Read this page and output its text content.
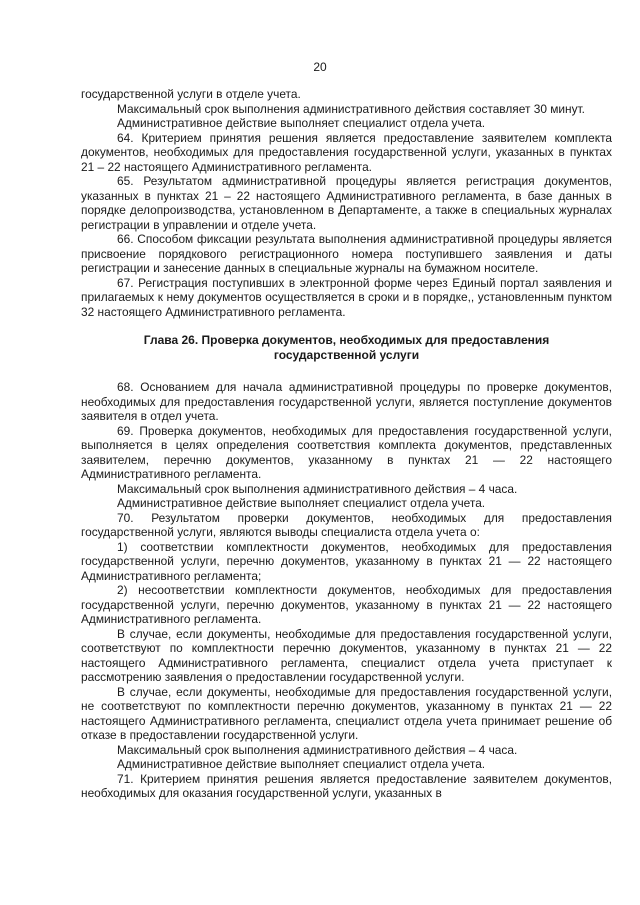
20

государственной услуги в отделе учета.

Максимальный срок выполнения административного действия составляет 30 минут.

Административное действие выполняет специалист отдела учета.

64. Критерием принятия решения является предоставление заявителем комплекта документов, необходимых для предоставления государственной услуги, указанных в пунктах 21 – 22 настоящего Административного регламента.

65. Результатом административной процедуры является регистрация документов, указанных в пунктах 21 – 22 настоящего Административного регламента, в базе данных в порядке делопроизводства, установленном в Департаменте, а также в специальных журналах регистрации в управлении и отделе учета.

66. Способом фиксации результата выполнения административной процедуры является присвоение порядкового регистрационного номера поступившего заявления и даты регистрации и занесение данных в специальные журналы на бумажном носителе.

67. Регистрация поступивших в электронной форме через Единый портал заявления и прилагаемых к нему документов осуществляется в сроки и в порядке,, установленным пунктом 32 настоящего Административного регламента.

Глава 26. Проверка документов, необходимых для предоставления
государственной услуги

68. Основанием для начала административной процедуры по проверке документов, необходимых для предоставления государственной услуги, является поступление документов заявителя в отдел учета.

69. Проверка документов, необходимых для предоставления государственной услуги, выполняется в целях определения соответствия комплекта документов, представленных заявителем, перечню документов, указанному в пунктах 21 — 22 настоящего Административного регламента.

Максимальный срок выполнения административного действия – 4 часа.

Административное действие выполняет специалист отдела учета.

70. Результатом проверки документов, необходимых для предоставления государственной услуги, являются выводы специалиста отдела учета о:

1) соответствии комплектности документов, необходимых для предоставления государственной услуги, перечню документов, указанному в пунктах 21 — 22 настоящего Административного регламента;

2) несоответствии комплектности документов, необходимых для предоставления государственной услуги, перечню документов, указанному в пунктах 21 — 22 настоящего Административного регламента.

В случае, если документы, необходимые для предоставления государственной услуги, соответствуют по комплектности перечню документов, указанному в пунктах 21 — 22 настоящего Административного регламента, специалист отдела учета приступает к рассмотрению заявления о предоставлении государственной услуги.

В случае, если документы, необходимые для предоставления государственной услуги, не соответствуют по комплектности перечню документов, указанному в пунктах 21 — 22 настоящего Административного регламента, специалист отдела учета принимает решение об отказе в предоставлении государственной услуги.

Максимальный срок выполнения административного действия – 4 часа.

Административное действие выполняет специалист отдела учета.

71. Критерием принятия решения является предоставление заявителем документов, необходимых для оказания государственной услуги, указанных в
